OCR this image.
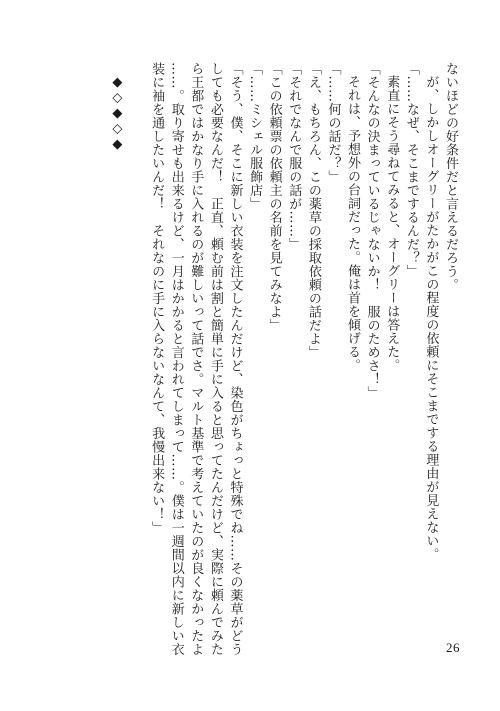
ないほどの好条件だと言えるだろう。
が、しかしオーグリーがたかがこの程度の依頼にそこまでする理由が見えない。
「……なぜ、そこまでするんだ？」
素直にそう尋ねてみると、オーグリーは答えた。
「そんなの決まっているじゃないか！　服のためさ！」
それは、予想外の台詞だった。俺は首を傾げる。
「……何の話だ？」
「え、もちろん、この薬草の採取依頼の話だよ」
「それでなんで服の話が……」
「この依頼票の依頼主の名前を見てみなよ」
「……ミシェル服飾店」
「そう、僕、そこに新しい衣装を注文したんだけど、染色がちょっと特殊でね……その薬草がどう
しても必要なんだ！　正直、頼む前は割と簡単に手に入ると思ってたんだけど、実際に頼んでみた
ら王都ではかなり手に入れるのが難しいって話でさ。マルト基準で考えていたのが良くなかったよ
……。取り寄せも出来るけど、一月はかかると言われてしまって……。僕は一週間以内に新しい衣
装に袖を通したいんだ！　それなのに手に入らないなんて、我慢出来ない！」
◆◇◆◇◆
26
